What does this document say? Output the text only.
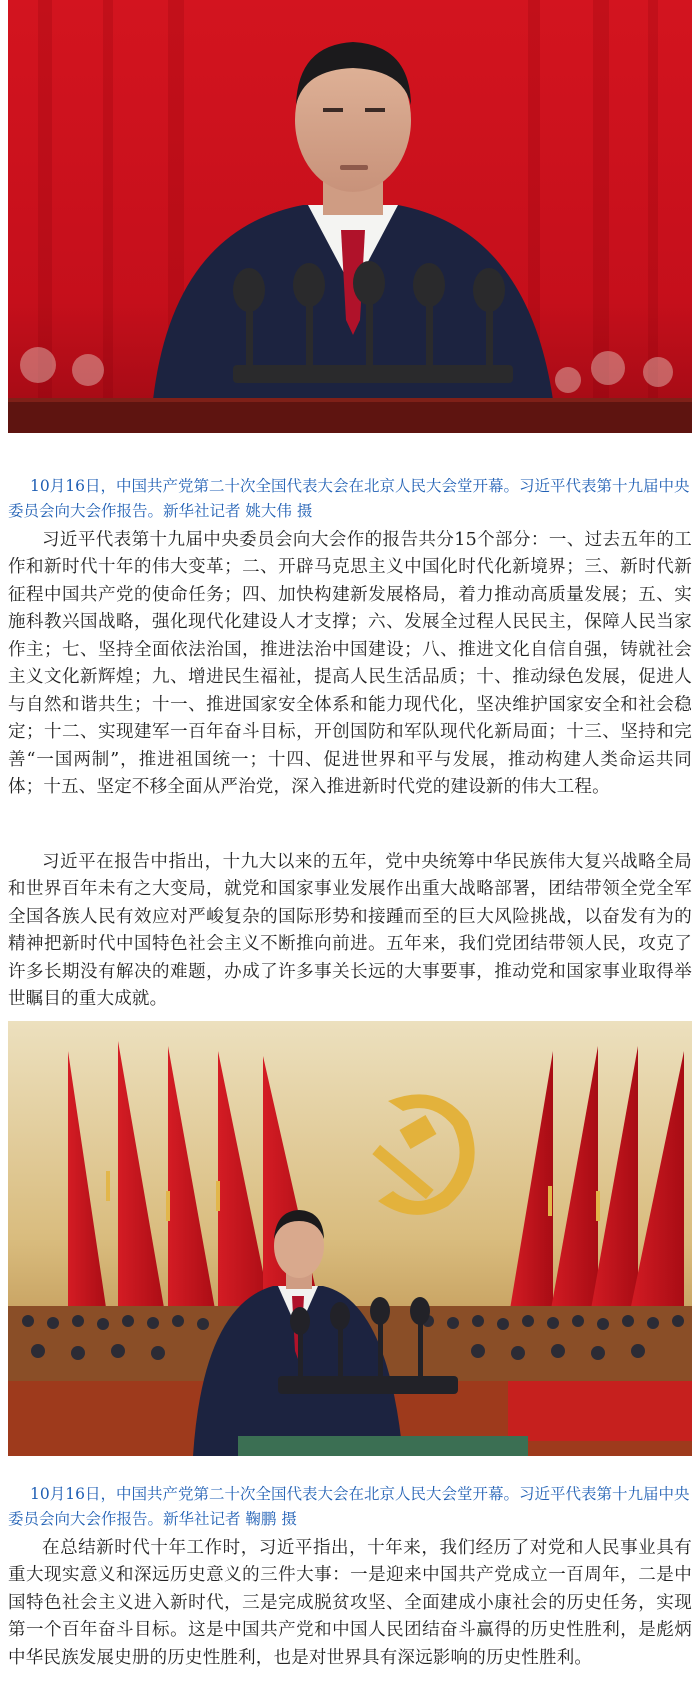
10月16日，中国共产党第二十次全国代表大会在北京人民大会堂开幕。习近平代表第十九届中央委员会向大会作报告。新华社记者 姚大伟 摄

习近平代表第十九届中央委员会向大会作的报告共分15个部分：一、过去五年的工作和新时代十年的伟大变革；二、开辟马克思主义中国化时代化新境界；三、新时代新征程中国共产党的使命任务；四、加快构建新发展格局，着力推动高质量发展；五、实施科教兴国战略，强化现代化建设人才支撑；六、发展全过程人民民主，保障人民当家作主；七、坚持全面依法治国，推进法治中国建设；八、推进文化自信自强，铸就社会主义文化新辉煌；九、增进民生福祉，提高人民生活品质；十、推动绿色发展，促进人与自然和谐共生；十一、推进国家安全体系和能力现代化，坚决维护国家安全和社会稳定；十二、实现建军一百年奋斗目标，开创国防和军队现代化新局面；十三、坚持和完善“一国两制”，推进祖国统一；十四、促进世界和平与发展，推动构建人类命运共同体；十五、坚定不移全面从严治党，深入推进新时代党的建设新的伟大工程。

习近平在报告中指出，十九大以来的五年，党中央统筹中华民族伟大复兴战略全局和世界百年未有之大变局，就党和国家事业发展作出重大战略部署，团结带领全党全军全国各族人民有效应对严峻复杂的国际形势和接踵而至的巨大风险挑战，以奋发有为的精神把新时代中国特色社会主义不断推向前进。五年来，我们党团结带领人民，攻克了许多长期没有解决的难题，办成了许多事关长远的大事要事，推动党和国家事业取得举世瞩目的重大成就。

10月16日，中国共产党第二十次全国代表大会在北京人民大会堂开幕。习近平代表第十九届中央委员会向大会作报告。新华社记者 鞠鹏 摄

在总结新时代十年工作时，习近平指出，十年来，我们经历了对党和人民事业具有重大现实意义和深远历史意义的三件大事：一是迎来中国共产党成立一百周年，二是中国特色社会主义进入新时代，三是完成脱贫攻坚、全面建成小康社会的历史任务，实现第一个百年奋斗目标。这是中国共产党和中国人民团结奋斗赢得的历史性胜利，是彪炳中华民族发展史册的历史性胜利，也是对世界具有深远影响的历史性胜利。
